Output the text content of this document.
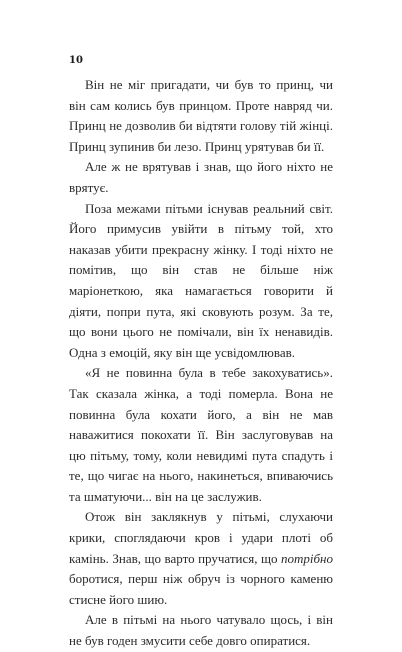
10

Він не міг пригадати, чи був то принц, чи він сам колись був принцом. Проте навряд чи. Принц не дозволив би відтяти голову тій жінці. Принц зупинив би лезо. Принц урятував би її.

Але ж не врятував і знав, що його ніхто не врятує.

Поза межами пітьми існував реальний світ. Його примусив увійти в пітьму той, хто наказав убити прекрасну жінку. І тоді ніхто не помітив, що він став не більше ніж маріонеткою, яка намагається говорити й діяти, попри пута, які сковують розум. За те, що вони цього не помічали, він їх ненавидів. Одна з емоцій, яку він ще усвідомлював.

«Я не повинна була в тебе закохуватись». Так сказала жінка, а тоді померла. Вона не повинна була кохати його, а він не мав наважитися покохати її. Він заслуговував на цю пітьму, тому, коли невидимі пута спадуть і те, що чигає на нього, накинеться, впиваючись та шматуючи... він на це заслужив.

Отож він заклякнув у пітьмі, слухаючи крики, споглядаючи кров і удари плоті об камінь. Знав, що варто пручатися, що потрібно боротися, перш ніж обруч із чорного каменю стисне його шию.

Але в пітьмі на нього чатувало щось, і він не був годен змусити себе довго опиратися.
